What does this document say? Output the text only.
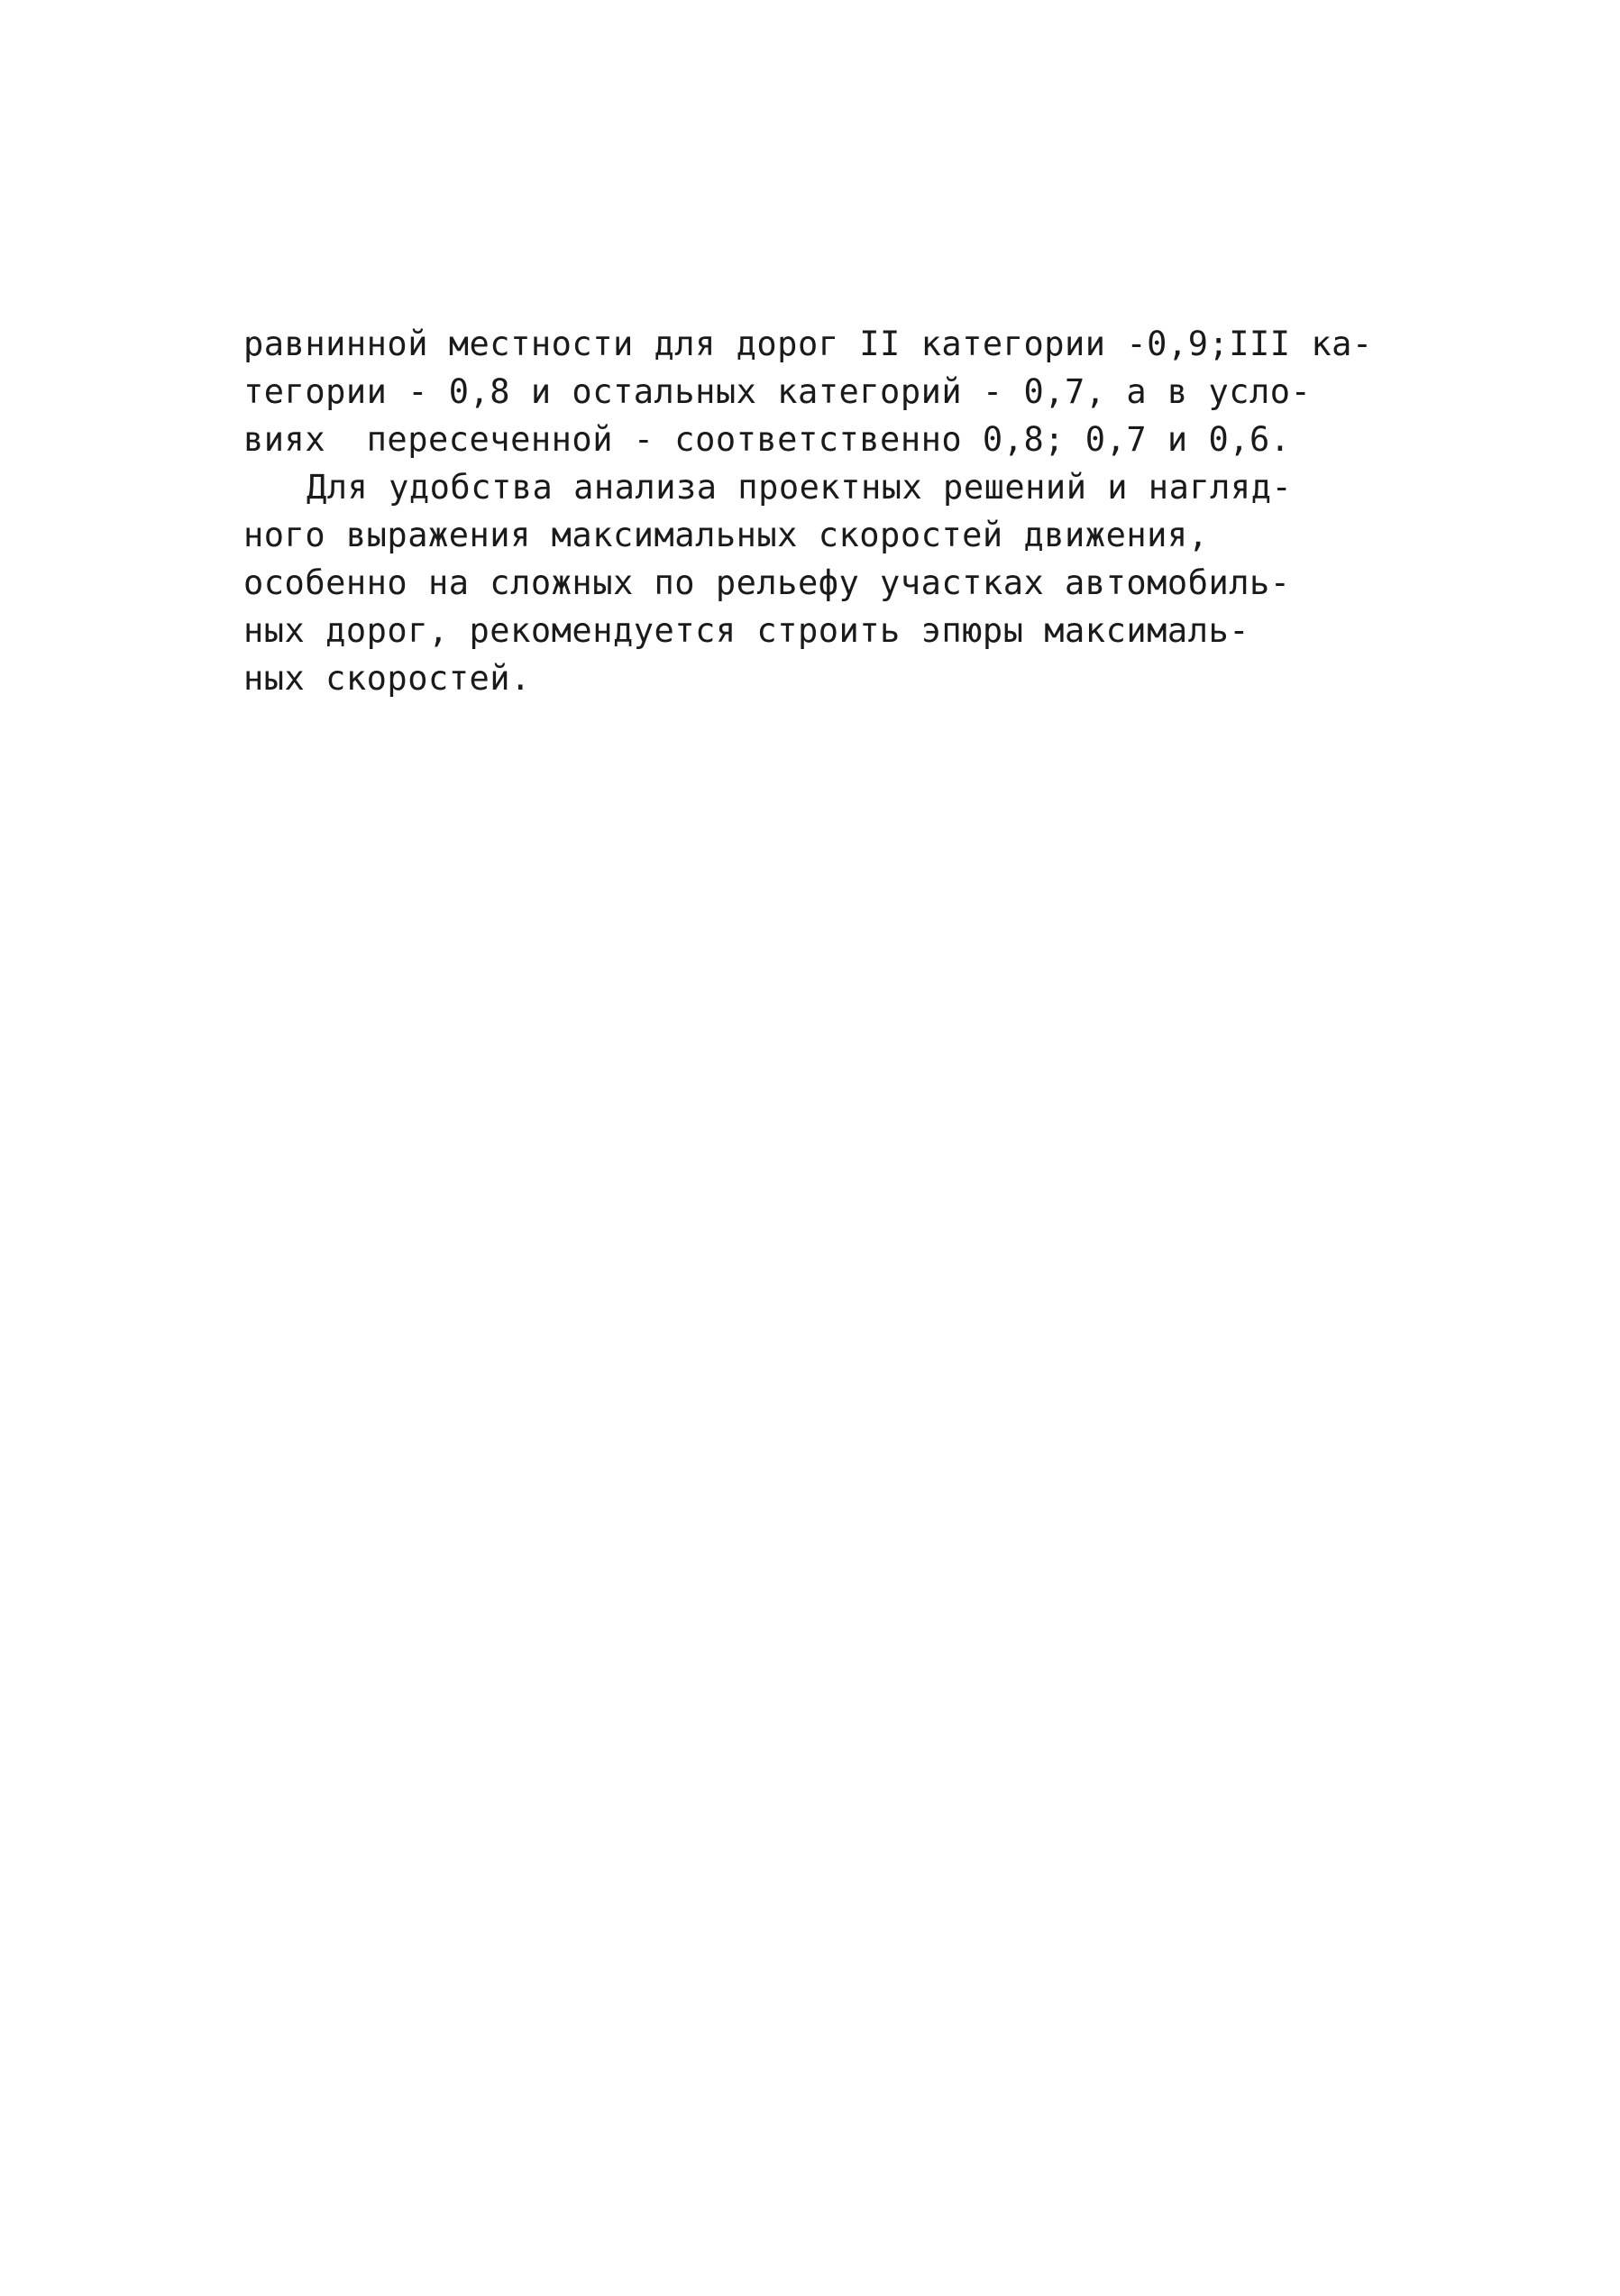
равнинной местности для дорог II категории -0,9;III ка-
тегории - 0,8 и остальных категорий - 0,7, а в усло-
виях  пересеченной - соответственно 0,8; 0,7 и 0,6.
Для удобства анализа проектных решений и нагляд-
ного выражения максимальных скоростей движения,
особенно на сложных по рельефу участках автомобиль-
ных дорог, рекомендуется строить эпюры максималь-
ных скоростей.
